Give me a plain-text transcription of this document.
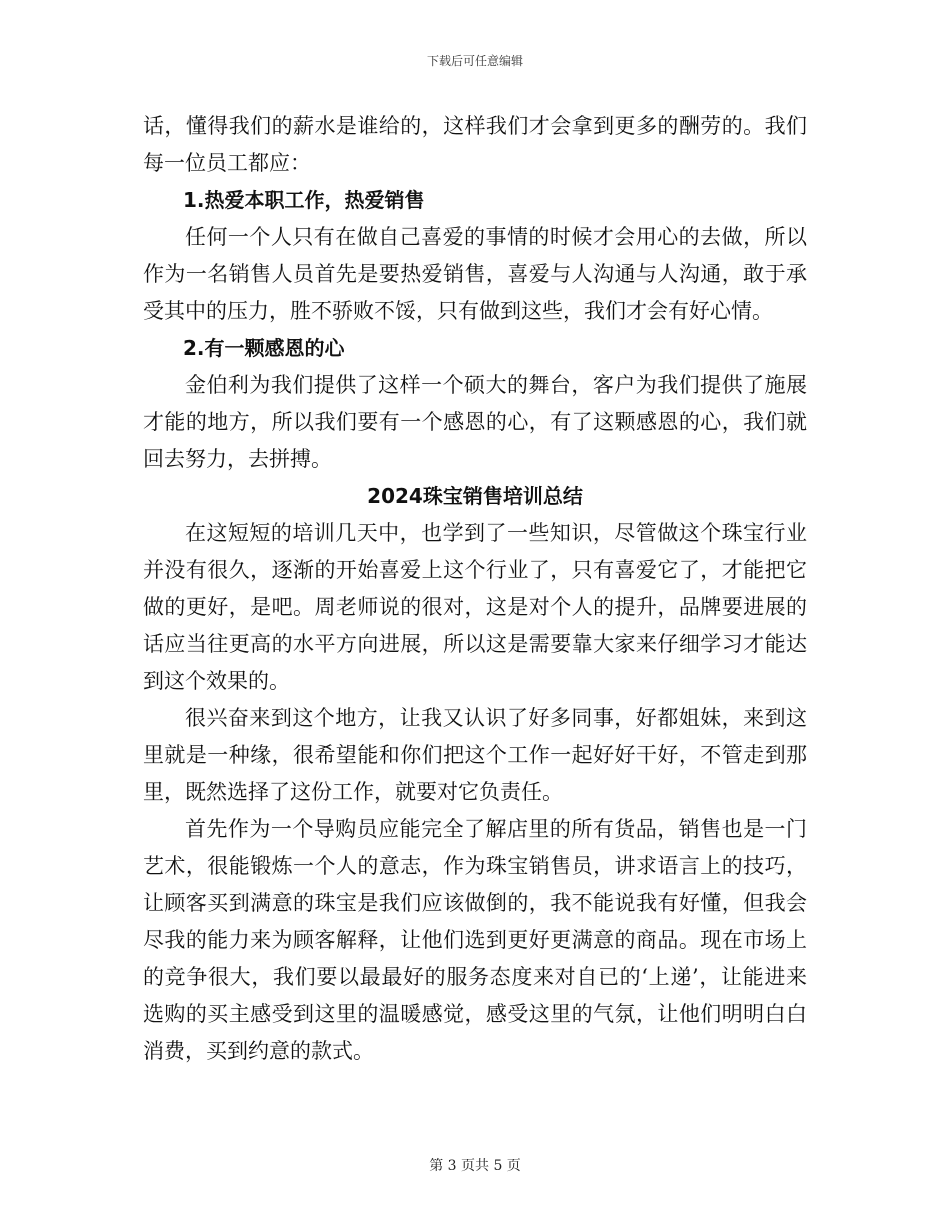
下载后可任意编辑

话，懂得我们的薪水是谁给的，这样我们才会拿到更多的酬劳的。我们每一位员工都应：

1.热爱本职工作，热爱销售

任何一个人只有在做自己喜爱的事情的时候才会用心的去做，所以作为一名销售人员首先是要热爱销售，喜爱与人沟通与人沟通，敢于承受其中的压力，胜不骄败不馁，只有做到这些，我们才会有好心情。

2.有一颗感恩的心

金伯利为我们提供了这样一个硕大的舞台，客户为我们提供了施展才能的地方，所以我们要有一个感恩的心，有了这颗感恩的心，我们就回去努力，去拼搏。

2024珠宝销售培训总结

在这短短的培训几天中，也学到了一些知识，尽管做这个珠宝行业并没有很久，逐渐的开始喜爱上这个行业了，只有喜爱它了，才能把它做的更好，是吧。周老师说的很对，这是对个人的提升，品牌要进展的话应当往更高的水平方向进展，所以这是需要靠大家来仔细学习才能达到这个效果的。

很兴奋来到这个地方，让我又认识了好多同事，好都姐妹，来到这里就是一种缘，很希望能和你们把这个工作一起好好干好，不管走到那里，既然选择了这份工作，就要对它负责任。

首先作为一个导购员应能完全了解店里的所有货品，销售也是一门艺术，很能锻炼一个人的意志，作为珠宝销售员，讲求语言上的技巧，让顾客买到满意的珠宝是我们应该做倒的，我不能说我有好懂，但我会尽我的能力来为顾客解释，让他们选到更好更满意的商品。现在市场上的竞争很大，我们要以最最好的服务态度来对自已的‘上递’，让能进来选购的买主感受到这里的温暖感觉，感受这里的气氛，让他们明明白白消费，买到约意的款式。

第 3 页共 5 页
